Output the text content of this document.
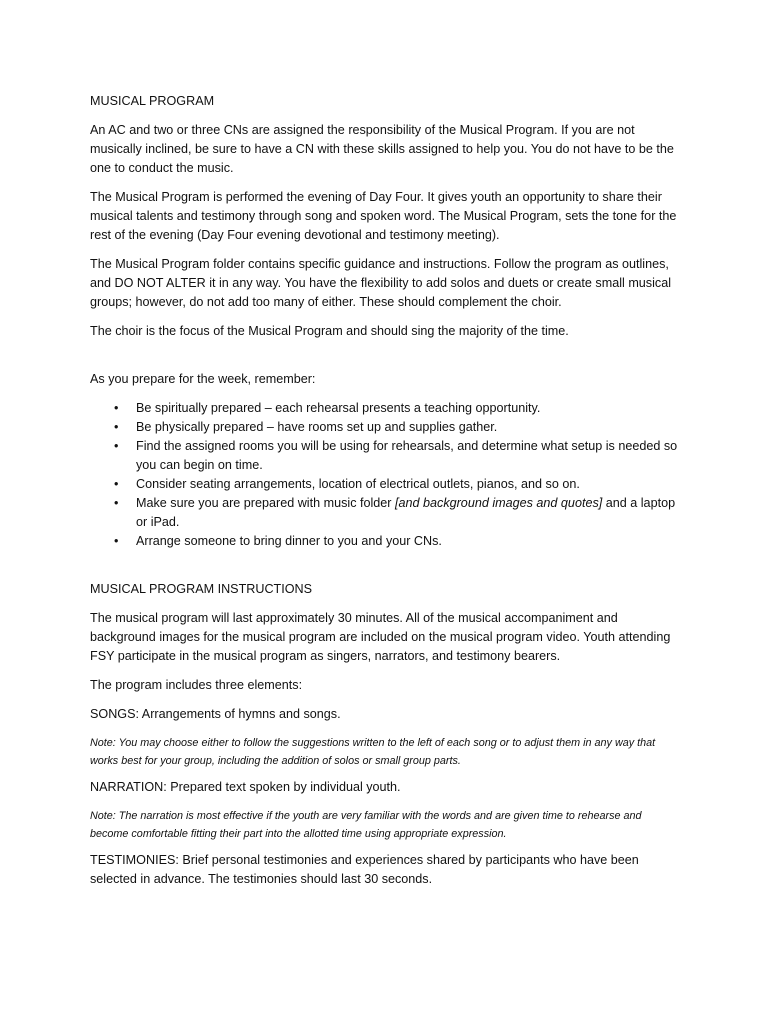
MUSICAL PROGRAM

An AC and two or three CNs are assigned the responsibility of the Musical Program. If you are not musically inclined, be sure to have a CN with these skills assigned to help you. You do not have to be the one to conduct the music.

The Musical Program is performed the evening of Day Four. It gives youth an opportunity to share their musical talents and testimony through song and spoken word. The Musical Program, sets the tone for the rest of the evening (Day Four evening devotional and testimony meeting).

The Musical Program folder contains specific guidance and instructions. Follow the program as outlines, and DO NOT ALTER it in any way. You have the flexibility to add solos and duets or create small musical groups; however, do not add too many of either. These should complement the choir.

The choir is the focus of the Musical Program and should sing the majority of the time.

As you prepare for the week, remember:

• Be spiritually prepared – each rehearsal presents a teaching opportunity.
• Be physically prepared – have rooms set up and supplies gather.
• Find the assigned rooms you will be using for rehearsals, and determine what setup is needed so you can begin on time.
• Consider seating arrangements, location of electrical outlets, pianos, and so on.
• Make sure you are prepared with music folder [and background images and quotes] and a laptop or iPad.
• Arrange someone to bring dinner to you and your CNs.
MUSICAL PROGRAM INSTRUCTIONS

The musical program will last approximately 30 minutes. All of the musical accompaniment and background images for the musical program are included on the musical program video. Youth attending FSY participate in the musical program as singers, narrators, and testimony bearers.

The program includes three elements:

SONGS: Arrangements of hymns and songs.

Note: You may choose either to follow the suggestions written to the left of each song or to adjust them in any way that works best for your group, including the addition of solos or small group parts.

NARRATION: Prepared text spoken by individual youth.

Note: The narration is most effective if the youth are very familiar with the words and are given time to rehearse and become comfortable fitting their part into the allotted time using appropriate expression.

TESTIMONIES: Brief personal testimonies and experiences shared by participants who have been selected in advance. The testimonies should last 30 seconds.
